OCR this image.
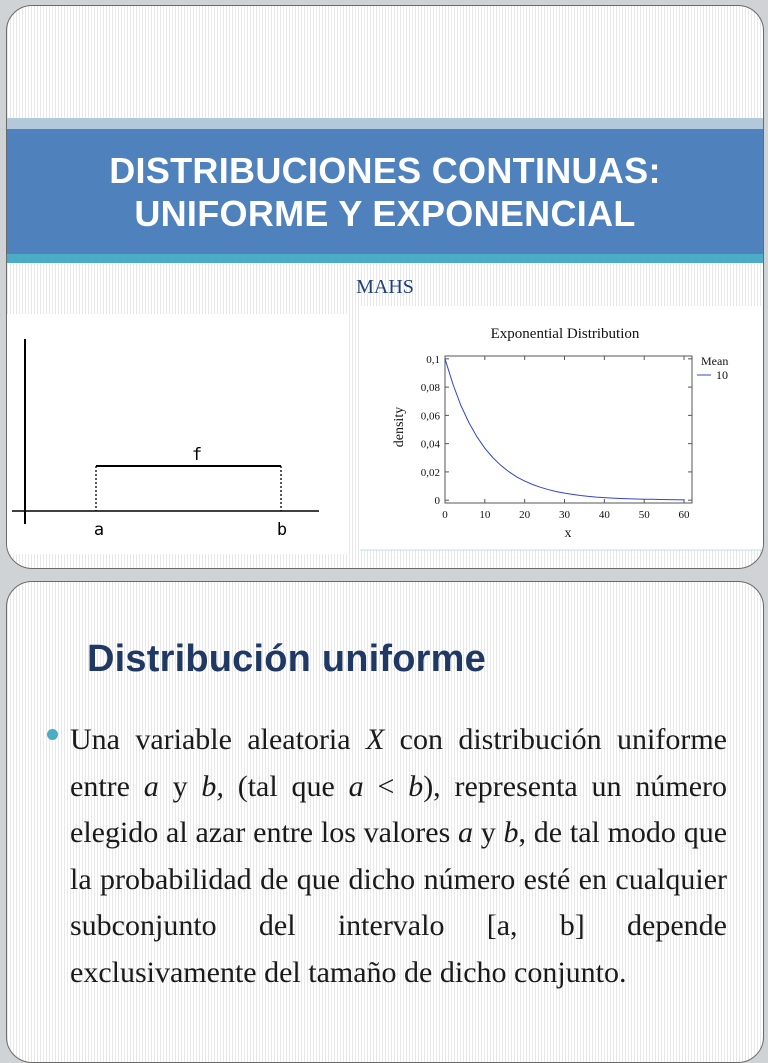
DISTRIBUCIONES CONTINUAS:
UNIFORME Y EXPONENCIAL
MAHS
f
a	b
Exponential Distribution
0	10	20	30	40	50	60
0
0,02
0,04
0,06
0,08
0,1
density
x
Mean
10
Distribución uniforme

Una variable aleatoria X con distribución uniforme entre a y b, (tal que a < b), representa un número elegido al azar entre los valores a y b, de tal modo que la probabilidad de que dicho número esté en cualquier subconjunto del intervalo [a, b] depende exclusivamente del tamaño de dicho conjunto.
